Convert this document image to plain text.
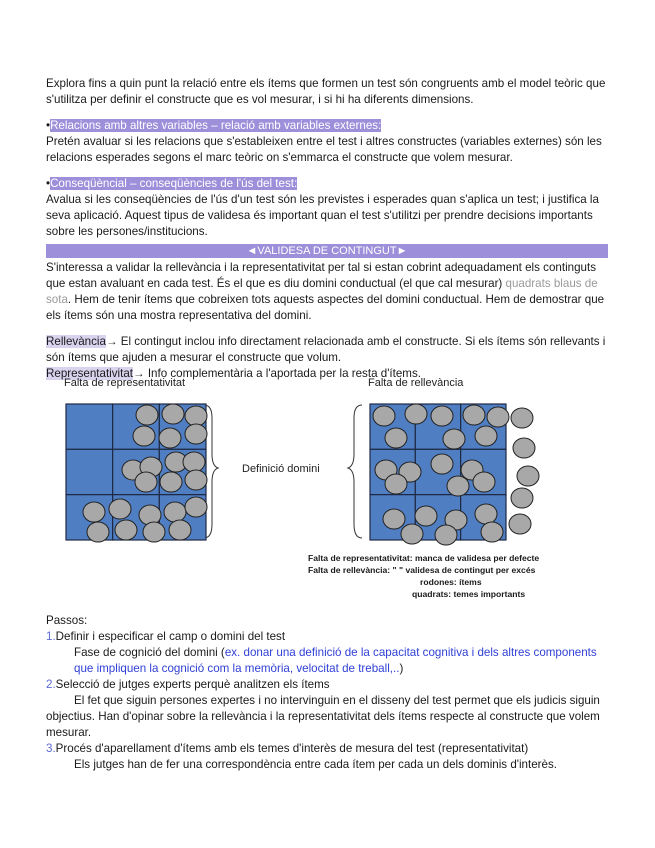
Explora fins a quin punt la relació entre els ítems que formen un test són congruents amb el model teòric que s'utilitza per definir el constructe que es vol mesurar, i si hi ha diferents dimensions.

•Relacions amb altres variables – relació amb variables externes:

Pretén avaluar si les relacions que s'estableixen entre el test i altres constructes (variables externes) són les relacions esperades segons el marc teòric on s'emmarca el constructe que volem mesurar.

•Conseqüèncial – conseqüències de l'ús del test:

Avalua si les conseqüències de l'ús d'un test són les previstes i esperades quan s'aplica un test; i justifica la seva aplicació. Aquest tipus de validesa és important quan el test s'utilitzi per prendre decisions importants sobre les persones/institucions.

◄VALIDESA DE CONTINGUT►

S'interessa a validar la rellevància i la representativitat per tal si estan cobrint adequadament els continguts que estan avaluant en cada test. És el que es diu domini conductual (el que cal mesurar) quadrats blaus de sota. Hem de tenir ítems que cobreixen tots aquests aspectes del domini conductual. Hem de demostrar que els ítems són una mostra representativa del domini.

Rellevància→ El contingut inclou info directament relacionada amb el constructe. Si els ítems són rellevants i són ítems que ajuden a mesurar el constructe que volum.

Representativitat→ Info complementària a l'aportada per la resta d'ítems.

Falta de representativitat	Falta de rellevància
Definició domini
Falta de representativitat: manca de validesa per defecte
Falta de rellevància: " " validesa de contingut per excés
rodones: ítems
quadrats: temes importants

Passos:

1.Definir i especificar el camp o domini del test

Fase de cognició del domini (ex. donar una definició de la capacitat cognitiva i dels altres components que impliquen la cognició com la memòria, velocitat de treball,..)

2.Selecció de jutges experts perquè analitzen els ítems

El fet que siguin persones expertes i no intervinguin en el disseny del test permet que els judicis siguin objectius. Han d'opinar sobre la rellevància i la representativitat dels ítems respecte al constructe que volem mesurar.

3.Procés d'aparellament d'ítems amb els temes d'interès de mesura del test (representativitat)

Els jutges han de fer una correspondència entre cada ítem per cada un dels dominis d'interès.
